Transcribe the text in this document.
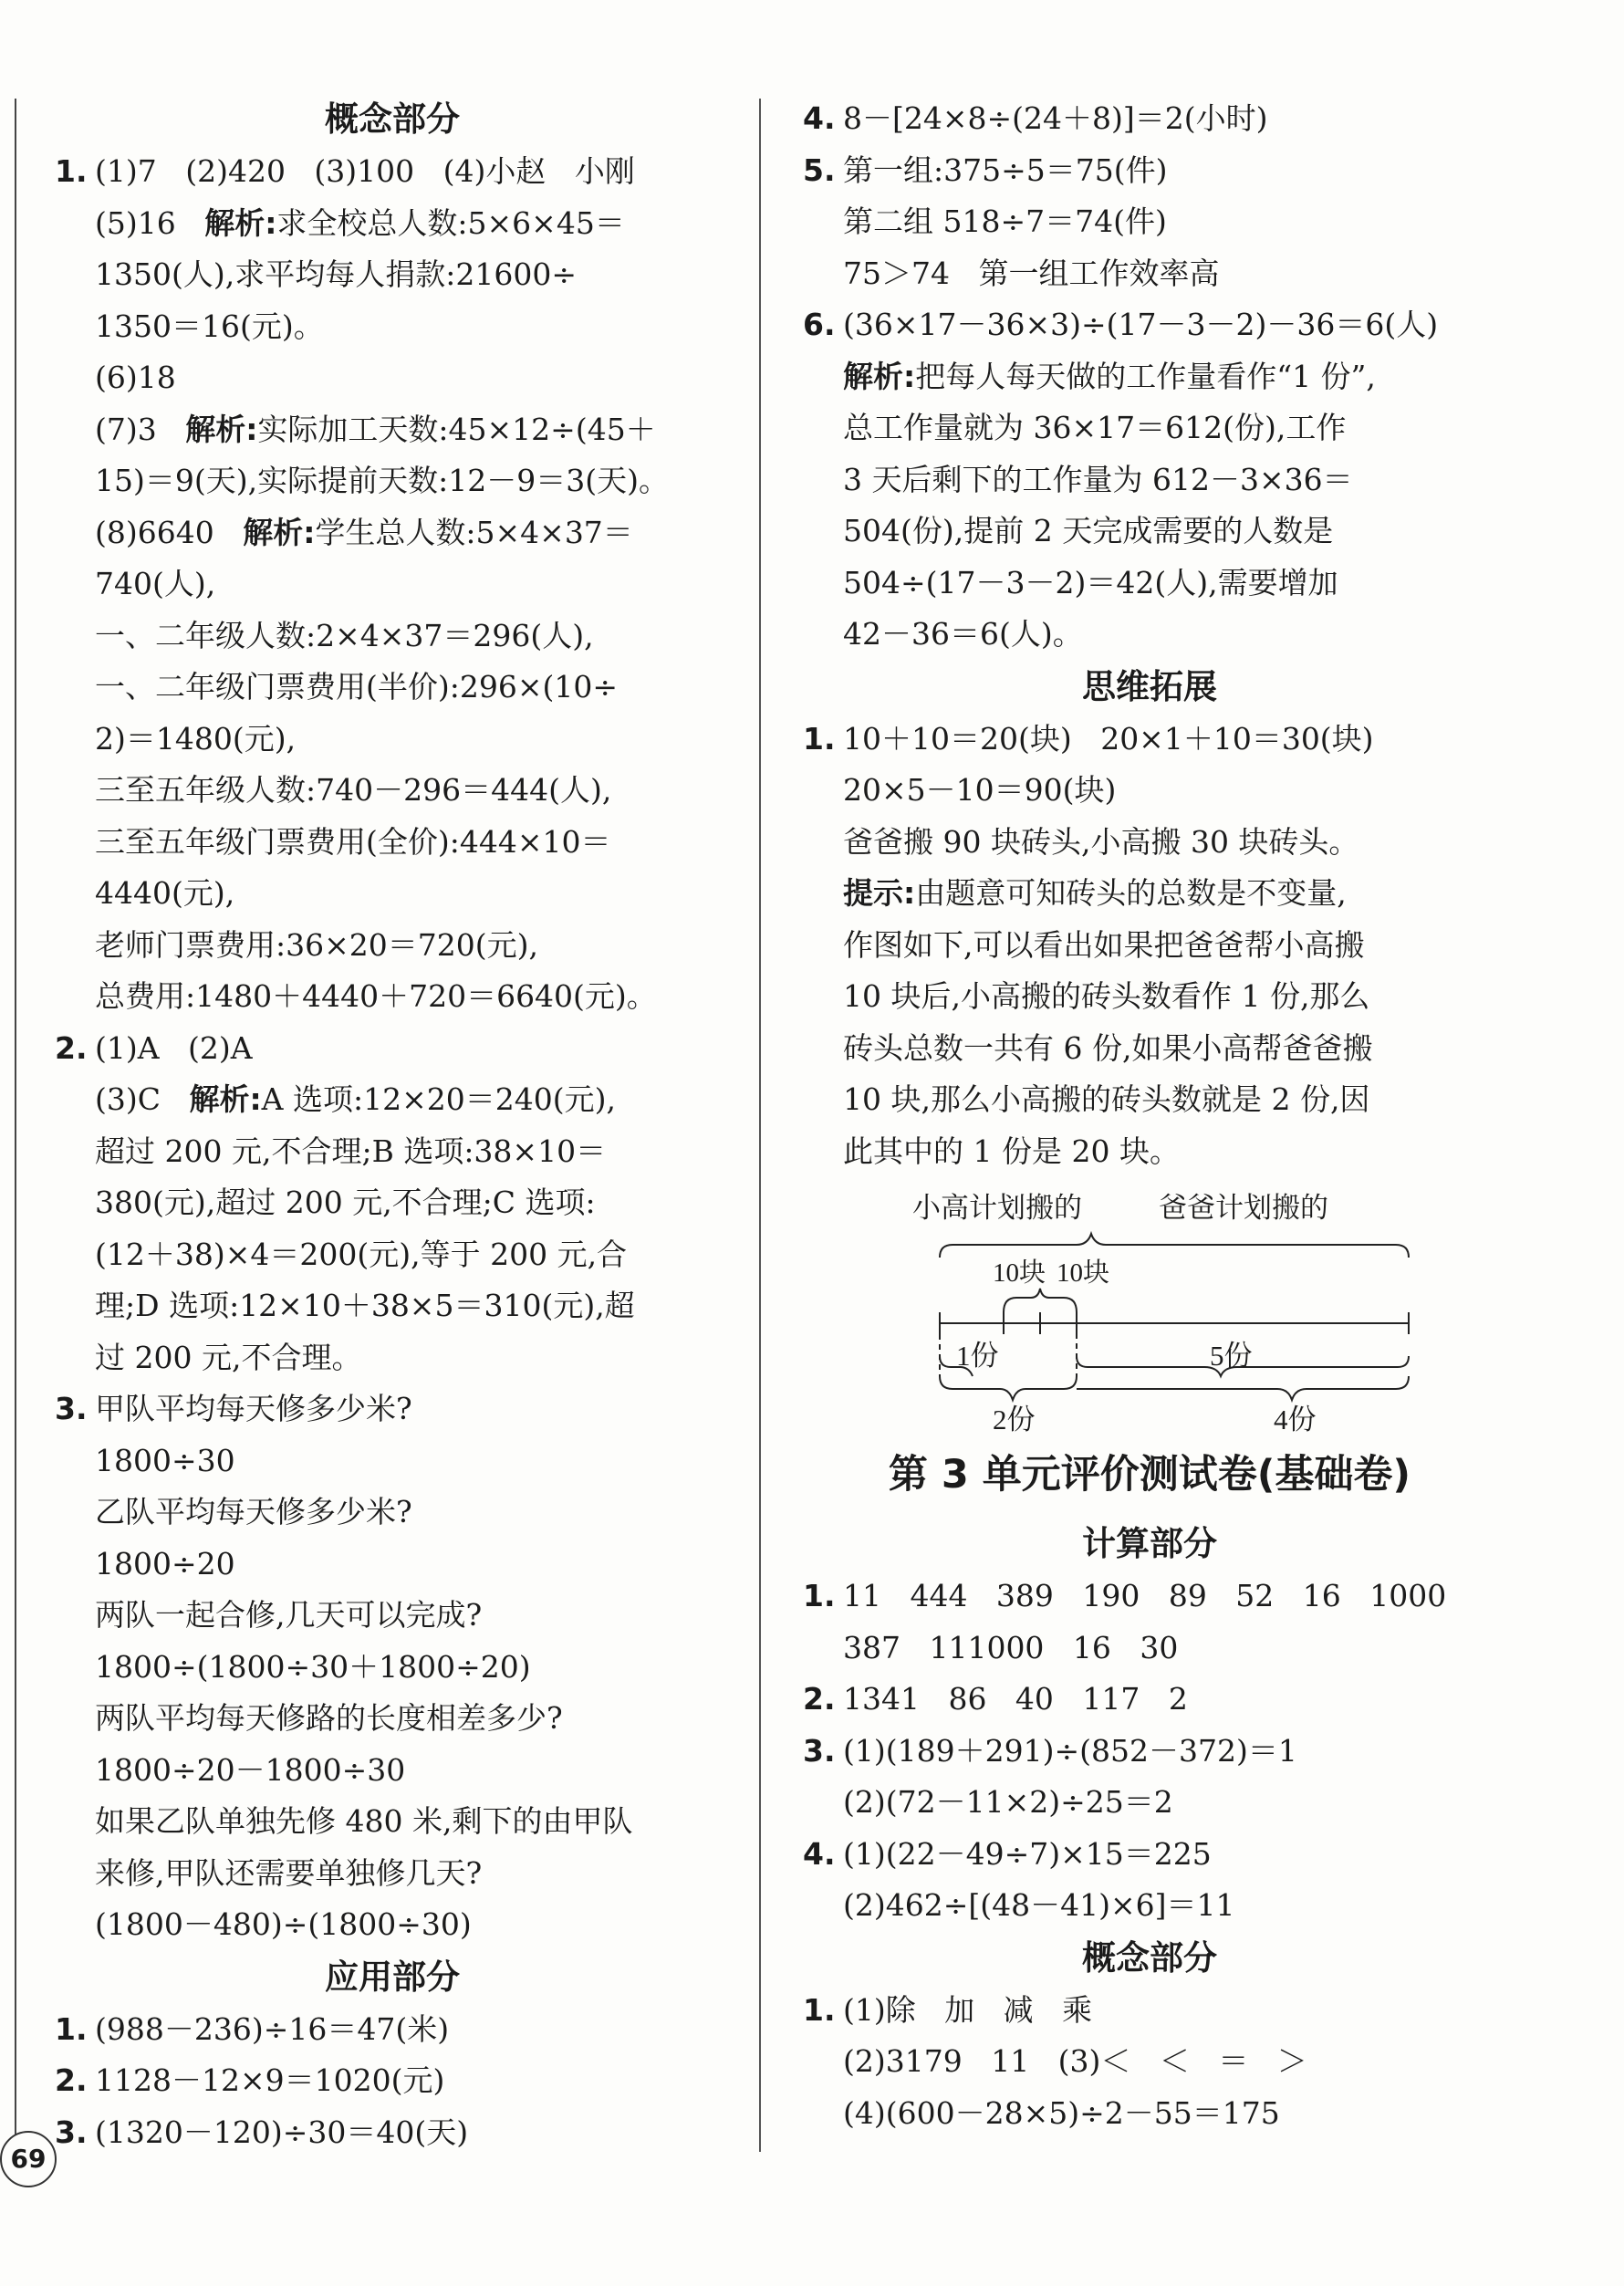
概念部分
1. (1)7   (2)420   (3)100   (4)小赵   小刚
(5)16   解析:求全校总人数:5×6×45＝
1350(人),求平均每人捐款:21600÷
1350＝16(元)。
(6)18
(7)3   解析:实际加工天数:45×12÷(45＋
15)＝9(天),实际提前天数:12－9＝3(天)。
(8)6640   解析:学生总人数:5×4×37＝
740(人),
一、二年级人数:2×4×37＝296(人),
一、二年级门票费用(半价):296×(10÷
2)＝1480(元),
三至五年级人数:740－296＝444(人),
三至五年级门票费用(全价):444×10＝
4440(元),
老师门票费用:36×20＝720(元),
总费用:1480＋4440＋720＝6640(元)。
2. (1)A   (2)A
(3)C   解析:A 选项:12×20＝240(元),
超过 200 元,不合理;B 选项:38×10＝
380(元),超过 200 元,不合理;C 选项:
(12＋38)×4＝200(元),等于 200 元,合
理;D 选项:12×10＋38×5＝310(元),超
过 200 元,不合理。
3. 甲队平均每天修多少米?
1800÷30
乙队平均每天修多少米?
1800÷20
两队一起合修,几天可以完成?
1800÷(1800÷30＋1800÷20)
两队平均每天修路的长度相差多少?
1800÷20－1800÷30
如果乙队单独先修 480 米,剩下的由甲队
来修,甲队还需要单独修几天?
(1800－480)÷(1800÷30)
应用部分
1. (988－236)÷16＝47(米)
2. 1128－12×9＝1020(元)
3. (1320－120)÷30＝40(天)
4. 8－[24×8÷(24＋8)]＝2(小时)
5. 第一组:375÷5＝75(件)
第二组 518÷7＝74(件)
75＞74   第一组工作效率高
6. (36×17－36×3)÷(17－3－2)－36＝6(人)
解析:把每人每天做的工作量看作“1 份”,
总工作量就为 36×17＝612(份),工作
3 天后剩下的工作量为 612－3×36＝
504(份),提前 2 天完成需要的人数是
504÷(17－3－2)＝42(人),需要增加
42－36＝6(人)。
思维拓展
1. 10＋10＝20(块)   20×1＋10＝30(块)
20×5－10＝90(块)
爸爸搬 90 块砖头,小高搬 30 块砖头。
提示:由题意可知砖头的总数是不变量,
作图如下,可以看出如果把爸爸帮小高搬
10 块后,小高搬的砖头数看作 1 份,那么
砖头总数一共有 6 份,如果小高帮爸爸搬
10 块,那么小高搬的砖头数就是 2 份,因
此其中的 1 份是 20 块。
小高计划搬的	爸爸计划搬的
10块 10块
1份	5份
2份	4份
第 3 单元评价测试卷(基础卷)
计算部分
1. 11   444   389   190   89   52   16   1000
387   111000   16   30
2. 1341   86   40   117   2
3. (1)(189＋291)÷(852－372)＝1
(2)(72－11×2)÷25＝2
4. (1)(22－49÷7)×15＝225
(2)462÷[(48－41)×6]＝11
概念部分
1. (1)除   加   减   乘
(2)3179   11   (3)＜   ＜   ＝   ＞
(4)(600－28×5)÷2－55＝175
69
